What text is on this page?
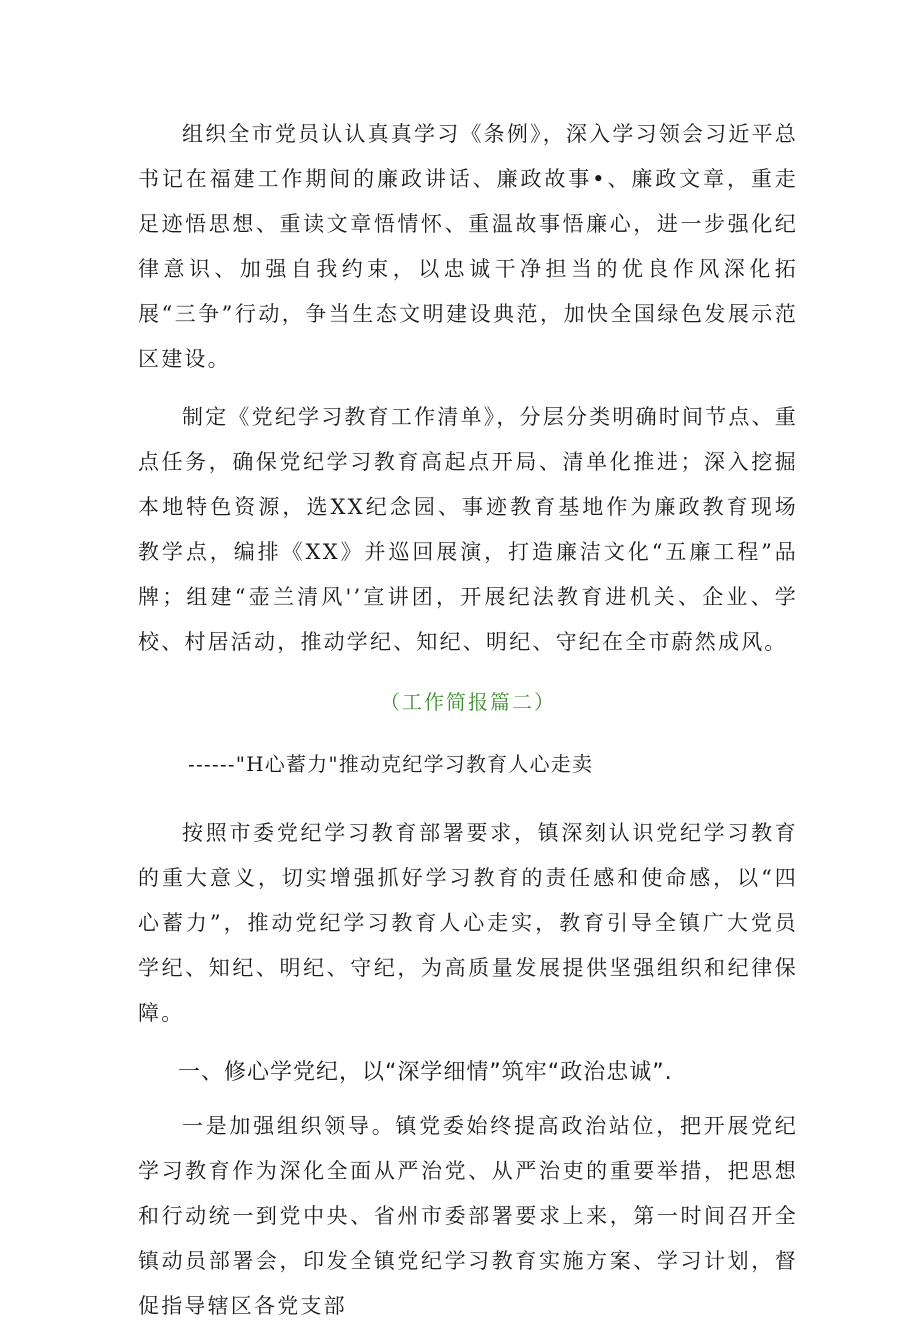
组织全市党员认认真真学习《条例》，深入学习领会习近平总书记在福建工作期间的廉政讲话、廉政故事•、廉政文章，重走足迹悟思想、重读文章悟情怀、重温故事悟廉心，进一步强化纪律意识、加强自我约束，以忠诚干净担当的优良作风深化拓展“三争”行动，争当生态文明建设典范，加快全国绿色发展示范区建设。

制定《党纪学习教育工作清单》，分层分类明确时间节点、重点任务，确保党纪学习教育高起点开局、清单化推进；深入挖掘本地特色资源，选XX纪念园、事迹教育基地作为廉政教育现场教学点，编排《XX》并巡回展演，打造廉洁文化“五廉工程”品牌；组建“壶兰清风'’宣讲团，开展纪法教育进机关、企业、学校、村居活动，推动学纪、知纪、明纪、守纪在全市蔚然成风。

（工作简报篇二）

------"H心蓄力"推动克纪学习教育人心走卖

按照市委党纪学习教育部署要求，镇深刻认识党纪学习教育的重大意义，切实增强抓好学习教育的责任感和使命感，以“四心蓄力”，推动党纪学习教育人心走实，教育引导全镇广大党员学纪、知纪、明纪、守纪，为高质量发展提供坚强组织和纪律保障。

一、修心学党纪，以“深学细情”筑牢“政治忠诚”.

一是加强组织领导。镇党委始终提高政治站位，把开展党纪学习教育作为深化全面从严治党、从严治吏的重要举措，把思想和行动统一到党中央、省州市委部署要求上来，第一时间召开全镇动员部署会，印发全镇党纪学习教育实施方案、学习计划，督促指导辖区各党支部
